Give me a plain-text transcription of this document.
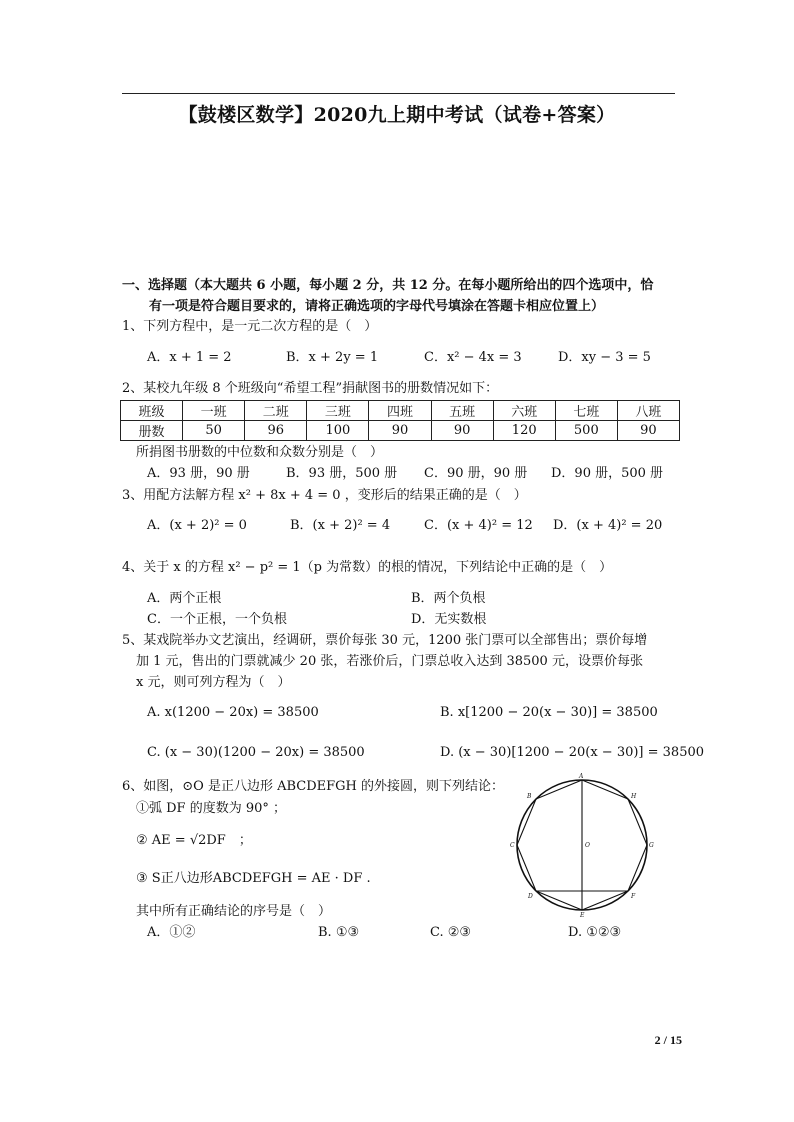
【鼓楼区数学】2020九上期中考试（试卷+答案）
一、选择题（本大题共 6 小题，每小题 2 分，共 12 分。在每小题所给出的四个选项中，恰
有一项是符合题目要求的，请将正确选项的字母代号填涂在答题卡相应位置上）
1、下列方程中，是一元二次方程的是（　）
A．x + 1 = 2	B．x + 2y = 1	C．x² − 4x = 3	D．xy − 3 = 5
2、某校九年级 8 个班级向“希望工程”捐献图书的册数情况如下：
班级	一班	二班	三班	四班	五班	六班	七班	八班
册数	50	96	100	90	90	120	500	90
所捐图书册数的中位数和众数分别是（　）
A．93 册，90 册	B．93 册，500 册 C．90 册，90 册 D．90 册，500 册
3、用配方法解方程 x² + 8x + 4 = 0 ，变形后的结果正确的是（　）
A．(x + 2)² = 0	B．(x + 2)² = 4	C．(x + 4)² = 12 D．(x + 4)² = 20
4、关于 x 的方程 x² − p² = 1（p 为常数）的根的情况，下列结论中正确的是（　）
A．两个正根	B．两个负根
C．一个正根，一个负根	D．无实数根
5、某戏院举办文艺演出，经调研，票价每张 30 元，1200 张门票可以全部售出；票价每增
加 1 元，售出的门票就减少 20 张，若涨价后，门票总收入达到 38500 元，设票价每张
x 元，则可列方程为（　）
A. x(1200 − 20x) = 38500	B. x[1200 − 20(x − 30)] = 38500
C. (x − 30)(1200 − 20x) = 38500	D. (x − 30)[1200 − 20(x − 30)] = 38500
6、如图，⊙O 是正八边形 ABCDEFGH 的外接圆，则下列结论：
①弧 DF 的度数为 90° ；
② AE = √2DF　；
③ S正八边形ABCDEFGH = AE · DF .
其中所有正确结论的序号是（　）
A．①②	B. ①③	C. ②③	D. ①②③
A
B
C
D
E
F
G
H
O
2 / 15
